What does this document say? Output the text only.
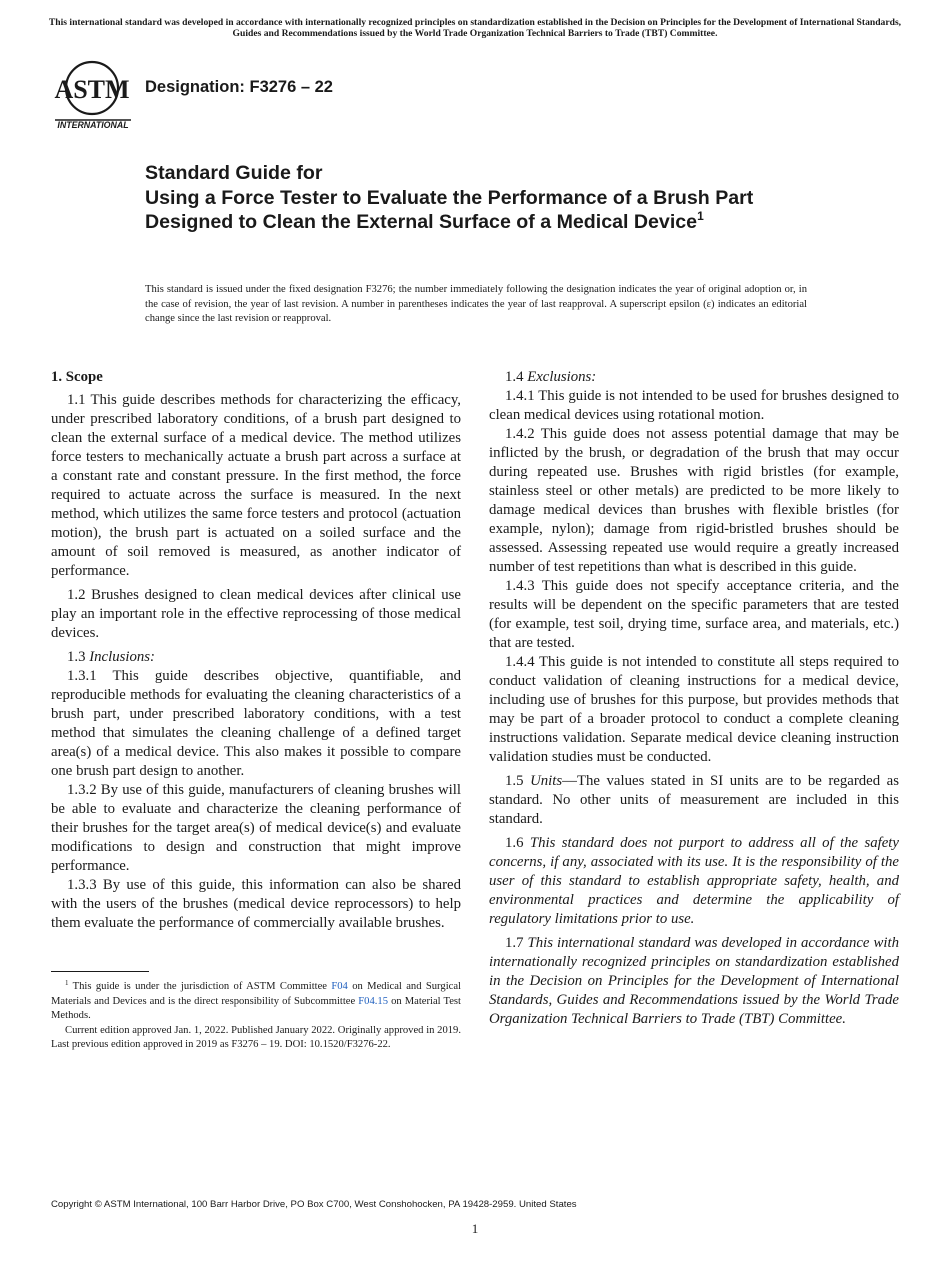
This international standard was developed in accordance with internationally recognized principles on standardization established in the Decision on Principles for the Development of International Standards, Guides and Recommendations issued by the World Trade Organization Technical Barriers to Trade (TBT) Committee.
ASTM
INTERNATIONAL
Designation: F3276 – 22
Standard Guide for
Using a Force Tester to Evaluate the Performance of a Brush Part Designed to Clean the External Surface of a Medical Device$^1$
This standard is issued under the fixed designation F3276; the number immediately following the designation indicates the year of original adoption or, in the case of revision, the year of last revision. A number in parentheses indicates the year of last reapproval. A superscript epsilon (ε) indicates an editorial change since the last revision or reapproval.

1. Scope

1.1 This guide describes methods for characterizing the efficacy, under prescribed laboratory conditions, of a brush part designed to clean the external surface of a medical device. The method utilizes force testers to mechanically actuate a brush part across a surface at a constant rate and constant pressure. In the first method, the force required to actuate across the surface is measured. In the next method, which utilizes the same force testers and protocol (actuation motion), the brush part is actuated on a soiled surface and the amount of soil removed is measured, as another indicator of performance.

1.2 Brushes designed to clean medical devices after clinical use play an important role in the effective reprocessing of those medical devices.

1.3 Inclusions:

1.3.1 This guide describes objective, quantifiable, and reproducible methods for evaluating the cleaning characteristics of a brush part, under prescribed laboratory conditions, with a test method that simulates the cleaning challenge of a defined target area(s) of a medical device. This also makes it possible to compare one brush part design to another.

1.3.2 By use of this guide, manufacturers of cleaning brushes will be able to evaluate and characterize the cleaning performance of their brushes for the target area(s) of medical device(s) and evaluate modifications to design and construction that might improve performance.

1.3.3 By use of this guide, this information can also be shared with the users of the brushes (medical device reprocessors) to help them evaluate the performance of commercially available brushes.

1.4 Exclusions:

1.4.1 This guide is not intended to be used for brushes designed to clean medical devices using rotational motion.

1.4.2 This guide does not assess potential damage that may be inflicted by the brush, or degradation of the brush that may occur during repeated use. Brushes with rigid bristles (for example, stainless steel or other metals) are predicted to be more likely to damage medical devices than brushes with flexible bristles (for example, nylon); damage from rigid-bristled brushes should be assessed. Assessing repeated use would require a greatly increased number of test repetitions than what is described in this guide.

1.4.3 This guide does not specify acceptance criteria, and the results will be dependent on the specific parameters that are tested (for example, test soil, drying time, surface area, and materials, etc.) that are tested.

1.4.4 This guide is not intended to constitute all steps required to conduct validation of cleaning instructions for a medical device, including use of brushes for this purpose, but provides methods that may be part of a broader protocol to conduct a complete cleaning instructions validation. Separate medical device cleaning instruction validation studies must be conducted.

1.5 Units—The values stated in SI units are to be regarded as standard. No other units of measurement are included in this standard.

1.6 This standard does not purport to address all of the safety concerns, if any, associated with its use. It is the responsibility of the user of this standard to establish appropriate safety, health, and environmental practices and determine the applicability of regulatory limitations prior to use.

1.7 This international standard was developed in accordance with internationally recognized principles on standardization established in the Decision on Principles for the Development of International Standards, Guides and Recommendations issued by the World Trade Organization Technical Barriers to Trade (TBT) Committee.

$^1$ This guide is under the jurisdiction of ASTM Committee F04 on Medical and Surgical Materials and Devices and is the direct responsibility of Subcommittee F04.15 on Material Test Methods.

Current edition approved Jan. 1, 2022. Published January 2022. Originally approved in 2019. Last previous edition approved in 2019 as F3276 – 19. DOI: 10.1520/F3276-22.

Copyright © ASTM International, 100 Barr Harbor Drive, PO Box C700, West Conshohocken, PA 19428-2959. United States
1
